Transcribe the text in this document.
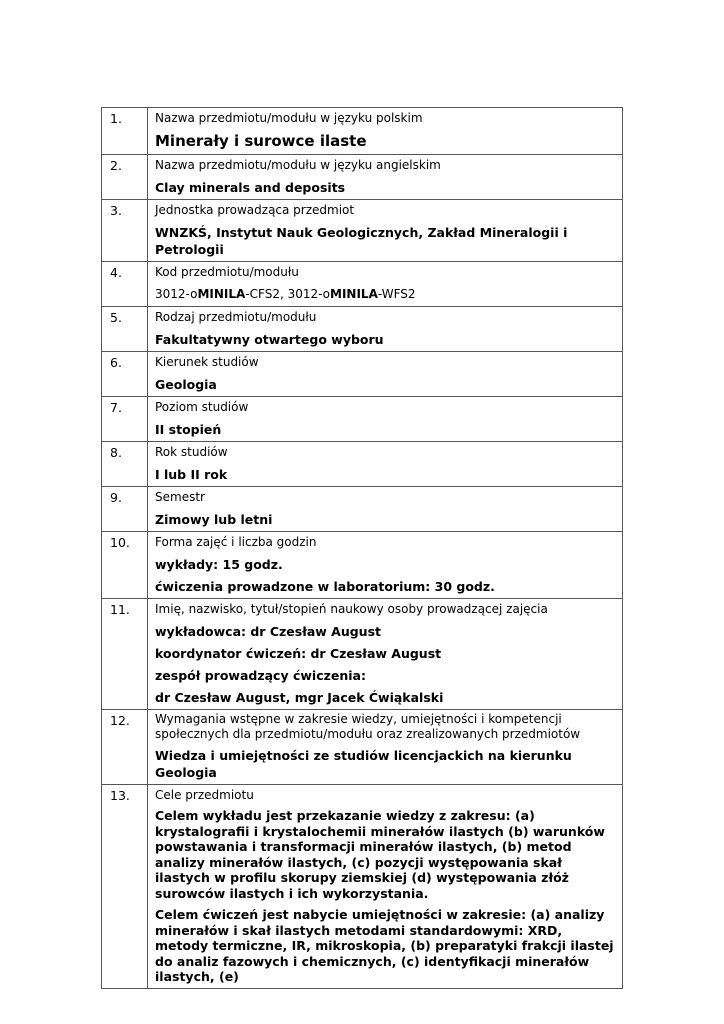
1.	Nazwa przedmiotu/modułu w języku polskim
Minerały i surowce ilaste

2.	Nazwa przedmiotu/modułu w języku angielskim
Clay minerals and deposits

3.	Jednostka prowadząca przedmiot
WNZKŚ, Instytut Nauk Geologicznych, Zakład Mineralogii i Petrologii

4.	Kod przedmiotu/modułu
3012-oMINILA-CFS2, 3012-oMINILA-WFS2

5.	Rodzaj przedmiotu/modułu
Fakultatywny otwartego wyboru

6.	Kierunek studiów
Geologia

7.	Poziom studiów
II stopień

8.	Rok studiów
I lub II rok

9.	Semestr
Zimowy lub letni

10.	Forma zajęć i liczba godzin
wykłady: 15 godz.
ćwiczenia prowadzone w laboratorium: 30 godz.

11.	Imię, nazwisko, tytuł/stopień naukowy osoby prowadzącej zajęcia
wykładowca: dr Czesław August
koordynator ćwiczeń: dr Czesław August
zespół prowadzący ćwiczenia:
dr Czesław August, mgr Jacek Ćwiąkalski

12.	Wymagania wstępne w zakresie wiedzy, umiejętności i kompetencji społecznych dla przedmiotu/modułu oraz zrealizowanych przedmiotów
Wiedza i umiejętności ze studiów licencjackich na kierunku Geologia

13.	Cele przedmiotu
Celem wykładu jest przekazanie wiedzy z zakresu: (a) krystalografii i krystalochemii minerałów ilastych (b) warunków powstawania i transformacji minerałów ilastych, (b) metod analizy minerałów ilastych, (c) pozycji występowania skał ilastych w profilu skorupy ziemskiej (d) występowania złóż surowców ilastych i ich wykorzystania.
Celem ćwiczeń jest nabycie umiejętności w zakresie: (a) analizy minerałów i skał ilastych metodami standardowymi: XRD, metody termiczne, IR, mikroskopia, (b) preparatyki frakcji ilastej do analiz fazowych i chemicznych, (c) identyfikacji minerałów ilastych, (e)
